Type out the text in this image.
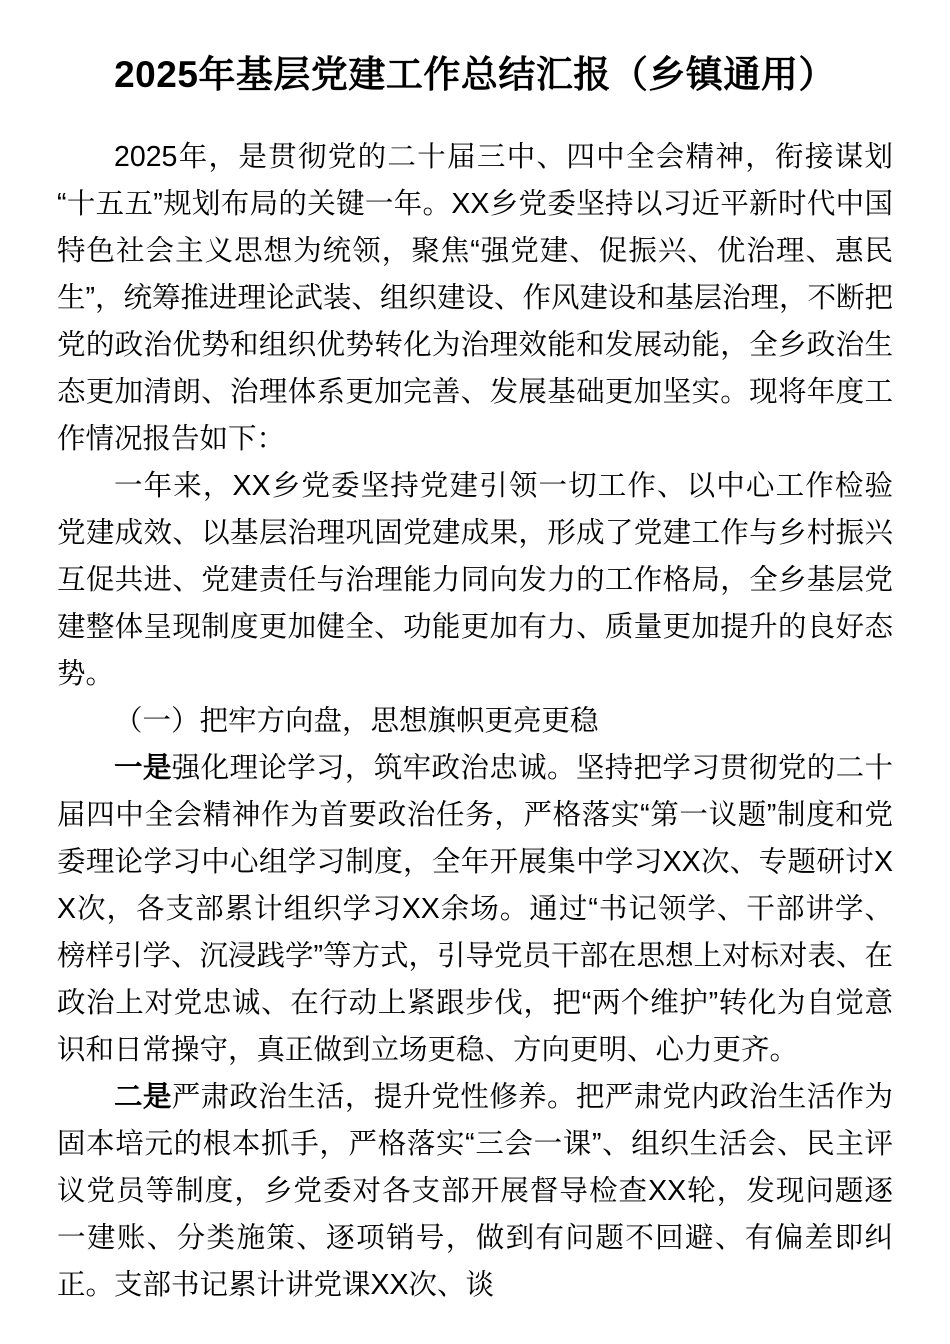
2025年基层党建工作总结汇报（乡镇通用）

2025年，是贯彻党的二十届三中、四中全会精神，衔接谋划“十五五”规划布局的关键一年。XX乡党委坚持以习近平新时代中国特色社会主义思想为统领，聚焦“强党建、促振兴、优治理、惠民生”，统筹推进理论武装、组织建设、作风建设和基层治理，不断把党的政治优势和组织优势转化为治理效能和发展动能，全乡政治生态更加清朗、治理体系更加完善、发展基础更加坚实。现将年度工作情况报告如下：

一年来，XX乡党委坚持党建引领一切工作、以中心工作检验党建成效、以基层治理巩固党建成果，形成了党建工作与乡村振兴互促共进、党建责任与治理能力同向发力的工作格局，全乡基层党建整体呈现制度更加健全、功能更加有力、质量更加提升的良好态势。

（一）把牢方向盘，思想旗帜更亮更稳

一是强化理论学习，筑牢政治忠诚。坚持把学习贯彻党的二十届四中全会精神作为首要政治任务，严格落实“第一议题”制度和党委理论学习中心组学习制度，全年开展集中学习XX次、专题研讨XX次，各支部累计组织学习XX余场。通过“书记领学、干部讲学、榜样引学、沉浸践学”等方式，引导党员干部在思想上对标对表、在政治上对党忠诚、在行动上紧跟步伐，把“两个维护”转化为自觉意识和日常操守，真正做到立场更稳、方向更明、心力更齐。

二是严肃政治生活，提升党性修养。把严肃党内政治生活作为固本培元的根本抓手，严格落实“三会一课”、组织生活会、民主评议党员等制度，乡党委对各支部开展督导检查XX轮，发现问题逐一建账、分类施策、逐项销号，做到有问题不回避、有偏差即纠正。支部书记累计讲党课XX次、谈
